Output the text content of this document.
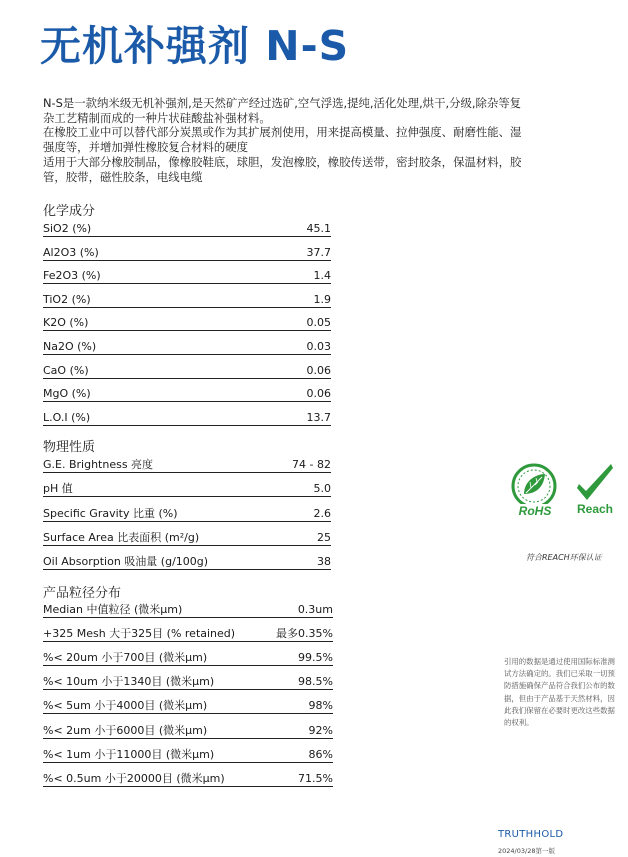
无机补强剂 N-S

N-S是一款纳米级无机补强剂,是天然矿产经过选矿,空气浮选,提纯,活化处理,烘干,分级,除杂等复杂工艺精制而成的一种片状硅酸盐补强材料。

在橡胶工业中可以替代部分炭黑或作为其扩展剂使用，用来提高模量、拉伸强度、耐磨性能、湿强度等，并增加弹性橡胶复合材料的硬度

适用于大部分橡胶制品，像橡胶鞋底，球胆，发泡橡胶，橡胶传送带，密封胶条，保温材料，胶管，胶带，磁性胶条，电线电缆

化学成分
SiO2 (%)	45.1
Al2O3 (%)	37.7
Fe2O3 (%)	1.4
TiO2 (%)	1.9
K2O (%)	0.05
Na2O (%)	0.03
CaO (%)	0.06
MgO (%)	0.06
L.O.I (%)	13.7
物理性质
G.E. Brightness 亮度	74 - 82
pH 值	5.0
Specific Gravity 比重 (%)	2.6
Surface Area 比表面积 (m²/g)	25
Oil Absorption 吸油量 (g/100g)	38
产品粒径分布
Median 中值粒径 (微米μm)	0.3um
+325 Mesh 大于325目 (% retained)	最多0.35%
%< 20um 小于700目 (微米μm)	99.5%
%< 10um 小于1340目 (微米μm)	98.5%
%< 5um 小于4000目 (微米μm)	98%
%< 2um 小于6000目 (微米μm)	92%
%< 1um 小于11000目 (微米μm)	86%
%< 0.5um 小于20000目 (微米μm)	71.5%
RoHS Reach
符合REACH环保认证
引用的数据是通过使用国际标准测试方法确定的。我们已采取一切预防措施确保产品符合我们公布的数据，但由于产品基于天然材料，因此我们保留在必要时更改这些数据的权利。
TRUTHHOLD
2024/03/28第一版
